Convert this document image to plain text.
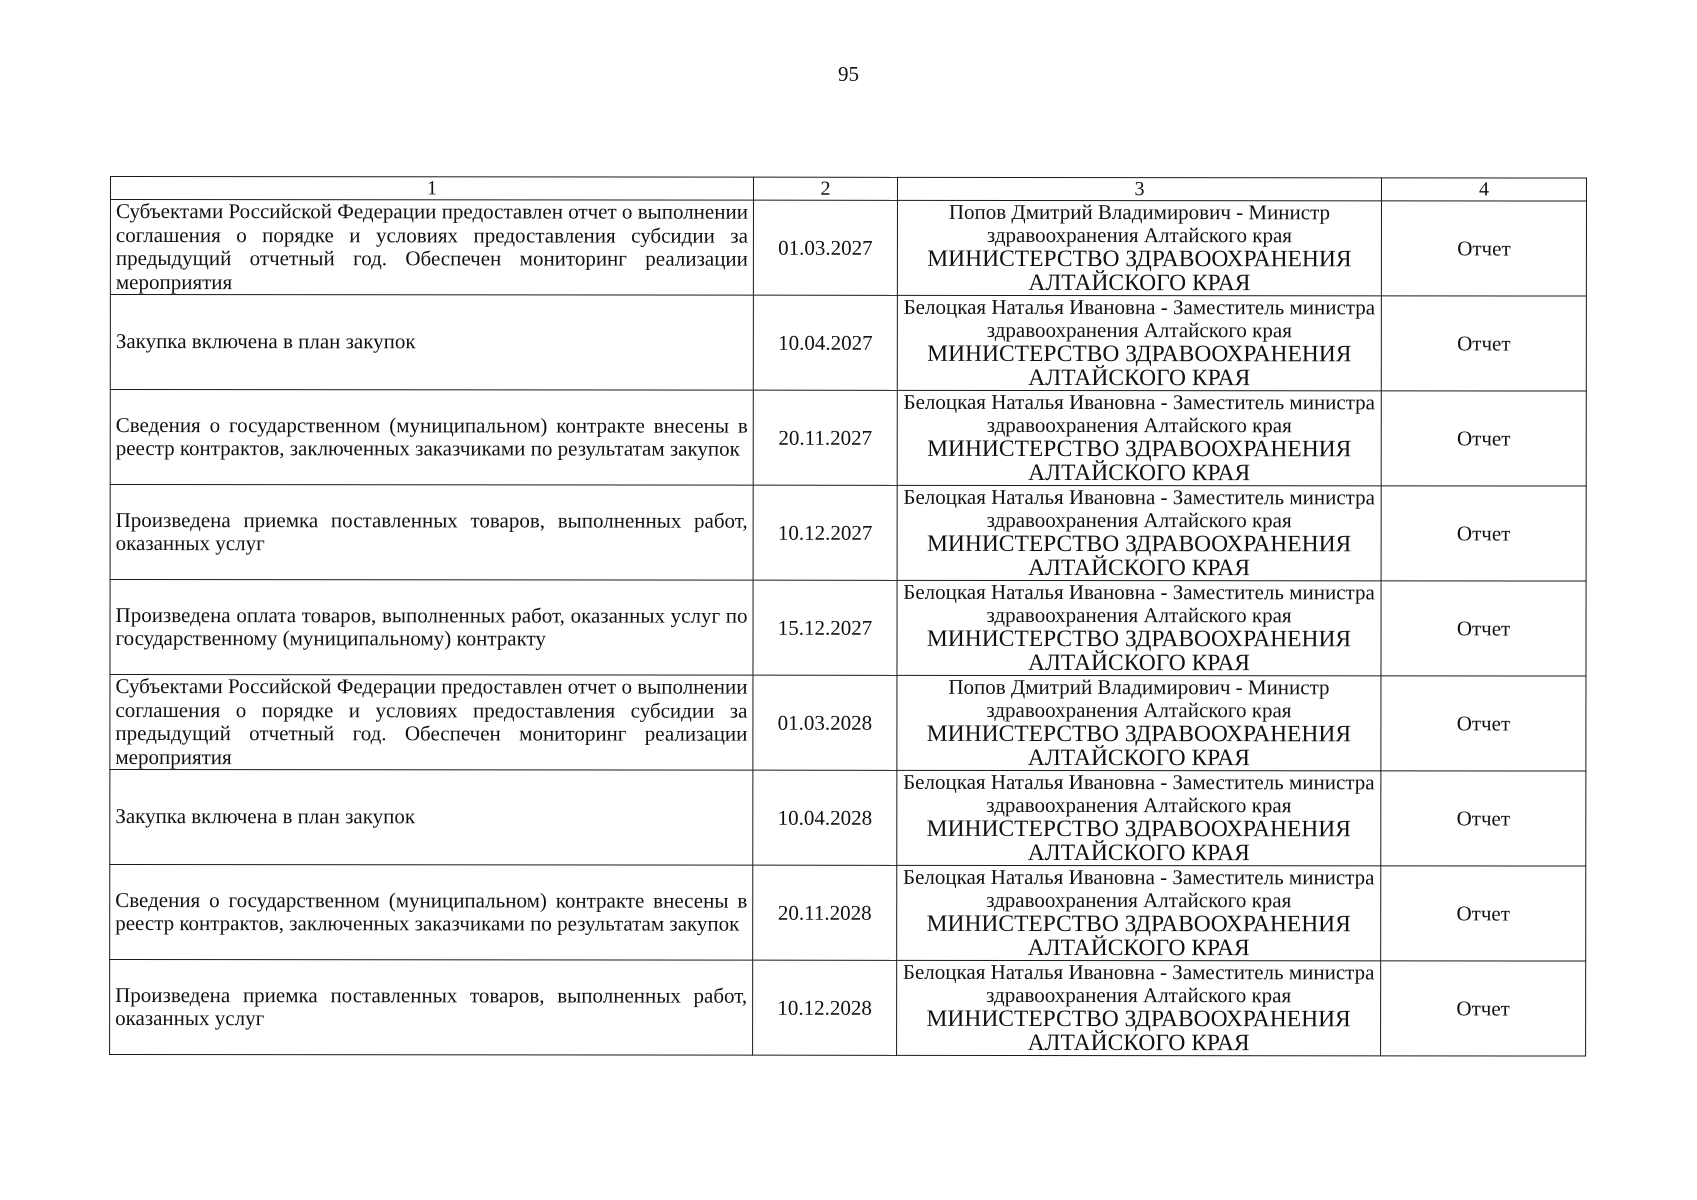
95
1	2	3	4
Субъектами Российской Федерации предоставлен отчет о выполнении соглашения о порядке и условиях предоставления субсидии за предыдущий отчетный год. Обеспечен мониторинг реализации мероприятия	01.03.2027	Попов Дмитрий Владимирович - Министр здравоохранения Алтайского края
МИНИСТЕРСТВО ЗДРАВООХРАНЕНИЯ АЛТАЙСКОГО КРАЯ	Отчет
Закупка включена в план закупок	10.04.2027	Белоцкая Наталья Ивановна - Заместитель министра здравоохранения Алтайского края
МИНИСТЕРСТВО ЗДРАВООХРАНЕНИЯ АЛТАЙСКОГО КРАЯ	Отчет
Сведения о государственном (муниципальном) контракте внесены в реестр контрактов, заключенных заказчиками по результатам закупок	20.11.2027	Белоцкая Наталья Ивановна - Заместитель министра здравоохранения Алтайского края
МИНИСТЕРСТВО ЗДРАВООХРАНЕНИЯ АЛТАЙСКОГО КРАЯ	Отчет
Произведена приемка поставленных товаров, выполненных работ, оказанных услуг	10.12.2027	Белоцкая Наталья Ивановна - Заместитель министра здравоохранения Алтайского края
МИНИСТЕРСТВО ЗДРАВООХРАНЕНИЯ АЛТАЙСКОГО КРАЯ	Отчет
Произведена оплата товаров, выполненных работ, оказанных услуг по государственному (муниципальному) контракту	15.12.2027	Белоцкая Наталья Ивановна - Заместитель министра здравоохранения Алтайского края
МИНИСТЕРСТВО ЗДРАВООХРАНЕНИЯ АЛТАЙСКОГО КРАЯ	Отчет
Субъектами Российской Федерации предоставлен отчет о выполнении соглашения о порядке и условиях предоставления субсидии за предыдущий отчетный год. Обеспечен мониторинг реализации мероприятия	01.03.2028	Попов Дмитрий Владимирович - Министр здравоохранения Алтайского края
МИНИСТЕРСТВО ЗДРАВООХРАНЕНИЯ АЛТАЙСКОГО КРАЯ	Отчет
Закупка включена в план закупок	10.04.2028	Белоцкая Наталья Ивановна - Заместитель министра здравоохранения Алтайского края
МИНИСТЕРСТВО ЗДРАВООХРАНЕНИЯ АЛТАЙСКОГО КРАЯ	Отчет
Сведения о государственном (муниципальном) контракте внесены в реестр контрактов, заключенных заказчиками по результатам закупок	20.11.2028	Белоцкая Наталья Ивановна - Заместитель министра здравоохранения Алтайского края
МИНИСТЕРСТВО ЗДРАВООХРАНЕНИЯ АЛТАЙСКОГО КРАЯ	Отчет
Произведена приемка поставленных товаров, выполненных работ, оказанных услуг	10.12.2028	Белоцкая Наталья Ивановна - Заместитель министра здравоохранения Алтайского края
МИНИСТЕРСТВО ЗДРАВООХРАНЕНИЯ АЛТАЙСКОГО КРАЯ	Отчет
